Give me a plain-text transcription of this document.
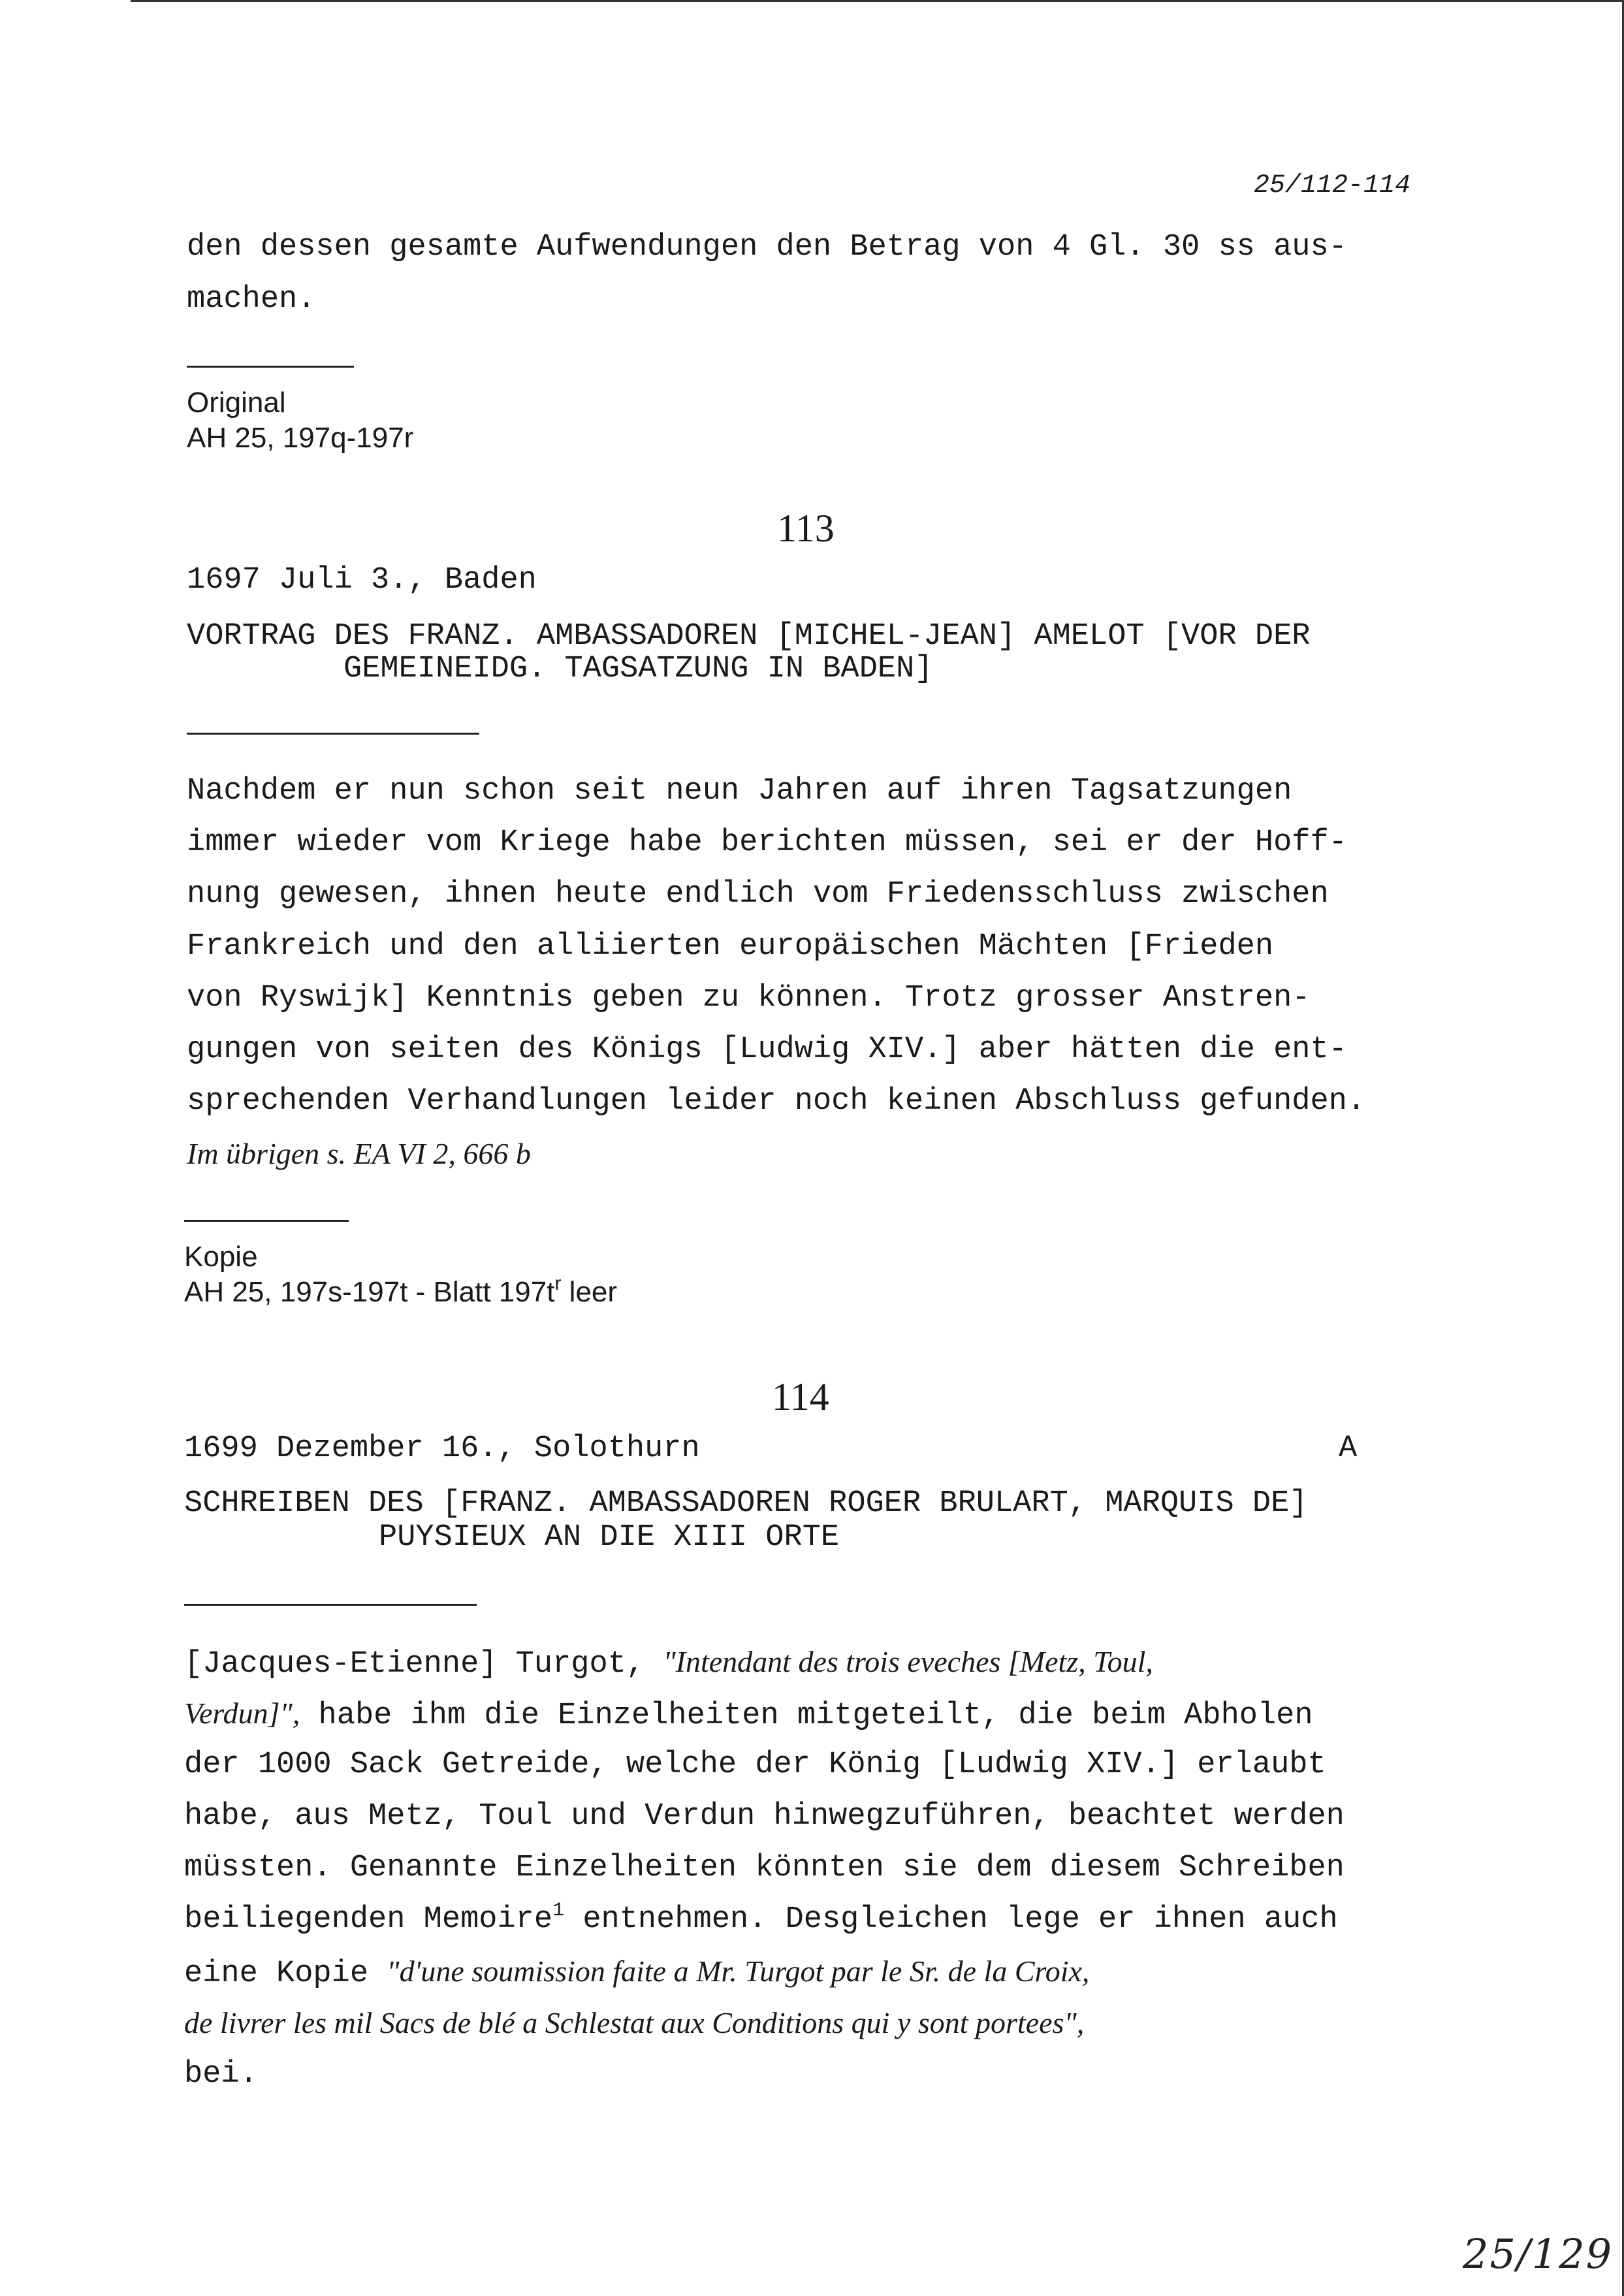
25/112-114
den dessen gesamte Aufwendungen den Betrag von 4 Gl. 30 ss aus-
machen.
Original
AH 25, 197q-197r
113
1697 Juli 3., Baden
VORTRAG DES FRANZ. AMBASSADOREN [MICHEL-JEAN] AMELOT [VOR DER
GEMEINEIDG. TAGSATZUNG IN BADEN]
Nachdem er nun schon seit neun Jahren auf ihren Tagsatzungen
immer wieder vom Kriege habe berichten müssen, sei er der Hoff-
nung gewesen, ihnen heute endlich vom Friedensschluss zwischen
Frankreich und den alliierten europäischen Mächten [Frieden
von Ryswijk] Kenntnis geben zu können. Trotz grosser Anstren-
gungen von seiten des Königs [Ludwig XIV.] aber hätten die ent-
sprechenden Verhandlungen leider noch keinen Abschluss gefunden.
Im übrigen s. EA VI 2, 666 b
Kopie
AH 25, 197s-197t - Blatt $197t^r$ leer
114
1699 Dezember 16., Solothurn	A
SCHREIBEN DES [FRANZ. AMBASSADOREN ROGER BRULART, MARQUIS DE]
PUYSIEUX AN DIE XIII ORTE
[Jacques-Etienne] Turgot, "Intendant des trois eveches [Metz, Toul,
Verdun]", habe ihm die Einzelheiten mitgeteilt, die beim Abholen
der 1000 Sack Getreide, welche der König [Ludwig XIV.] erlaubt
habe, aus Metz, Toul und Verdun hinwegzuführen, beachtet werden
müssten. Genannte Einzelheiten könnten sie dem diesem Schreiben
beiliegenden Memoire$^1$ entnehmen. Desgleichen lege er ihnen auch
eine Kopie "d'une soumission faite a Mr. Turgot par le Sr. de la Croix,
de livrer les mil Sacs de blé a Schlestat aux Conditions qui y sont portees",
bei.
25/129
